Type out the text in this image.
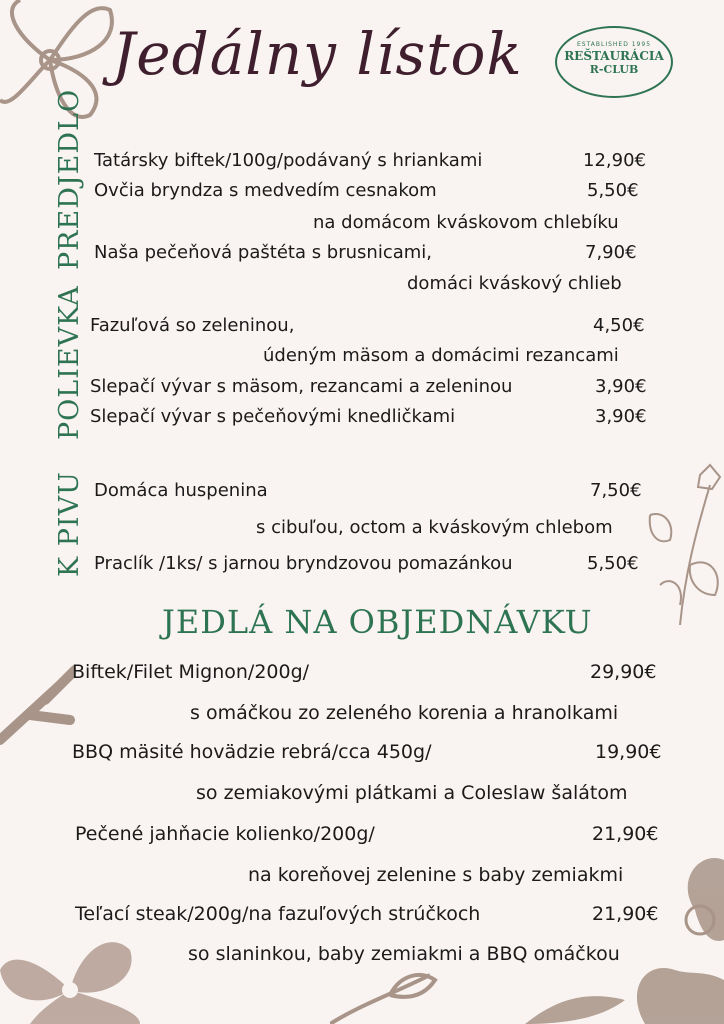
Jedálny lístok	ESTABLISHED 1995
REŠTAURÁCIA
R-CLUB
PREDJEDLO Tatársky biftek/100g/podávaný s hriankami	12,90€
Ovčia bryndza s medvedím cesnakom	5,50€
na domácom kváskovom chlebíku
Naša pečeňová paštéta s brusnicami,	7,90€
domáci kváskový chlieb
POLIEVKA Fazuľová so zeleninou,	4,50€
údeným mäsom a domácimi rezancami
Slepačí vývar s mäsom, rezancami a zeleninou	3,90€
Slepačí vývar s pečeňovými knedličkami	3,90€
K PIVU Domáca huspenina	7,50€
s cibuľou, octom a kváskovým chlebom
Praclík /1ks/ s jarnou bryndzovou pomazánkou	5,50€
JEDLÁ NA OBJEDNÁVKU
Biftek/Filet Mignon/200g/	29,90€
s omáčkou zo zeleného korenia a hranolkami
BBQ mäsité hovädzie rebrá/cca 450g/	19,90€
so zemiakovými plátkami a Coleslaw šalátom
Pečené jahňacie kolienko/200g/	21,90€
na koreňovej zelenine s baby zemiakmi
Teľací steak/200g/na fazuľových strúčkoch	21,90€
so slaninkou, baby zemiakmi a BBQ omáčkou
